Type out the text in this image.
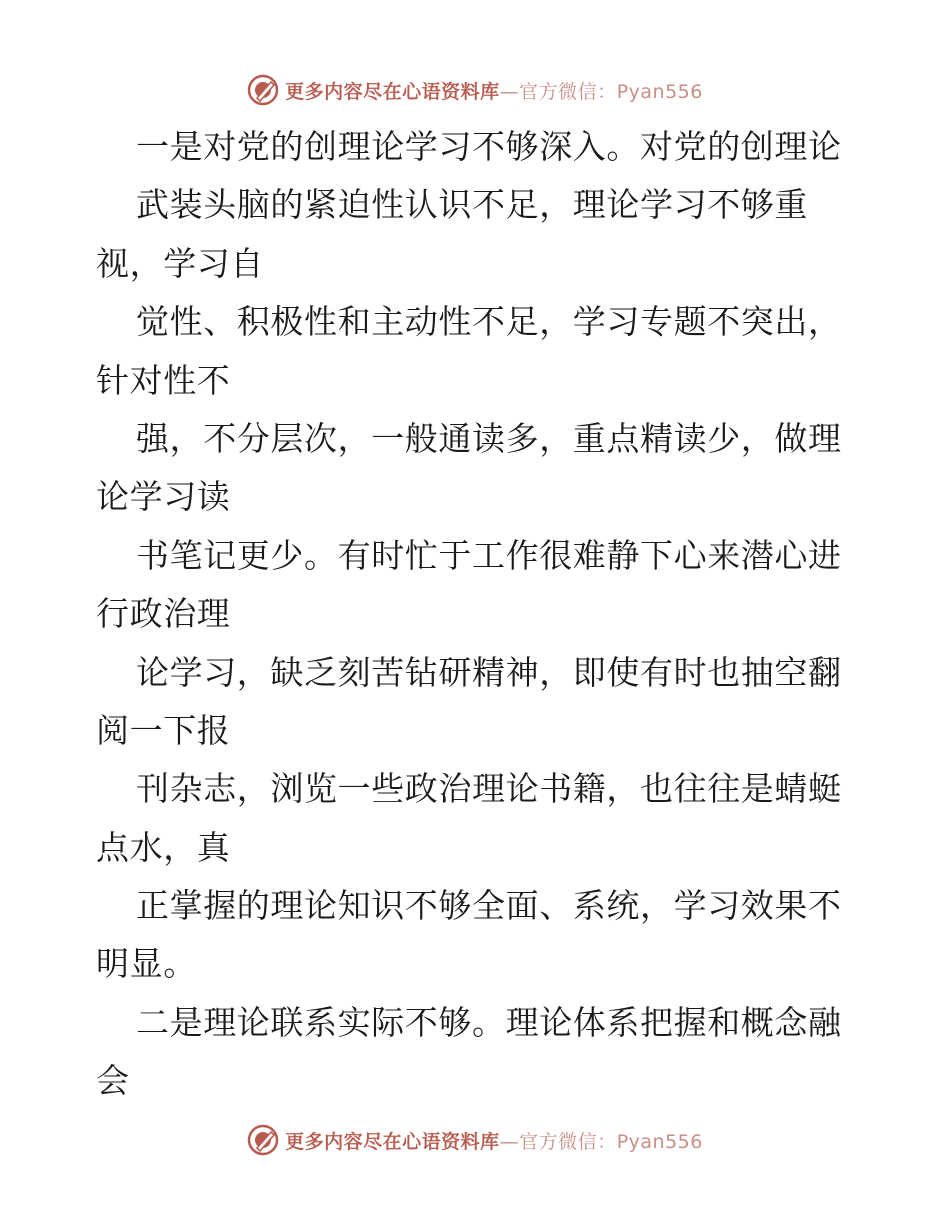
更多内容尽在心语资料库—官方微信：Pyan556
一是对党的创理论学习不够深入。对党的创理论
武装头脑的紧迫性认识不足，理论学习不够重
视，学习自
觉性、积极性和主动性不足，学习专题不突出，
针对性不
强，不分层次，一般通读多，重点精读少，做理
论学习读
书笔记更少。有时忙于工作很难静下心来潜心进
行政治理
论学习，缺乏刻苦钻研精神，即使有时也抽空翻
阅一下报
刊杂志，浏览一些政治理论书籍，也往往是蜻蜓
点水，真
正掌握的理论知识不够全面、系统，学习效果不
明显。
二是理论联系实际不够。理论体系把握和概念融
会
更多内容尽在心语资料库—官方微信：Pyan556
